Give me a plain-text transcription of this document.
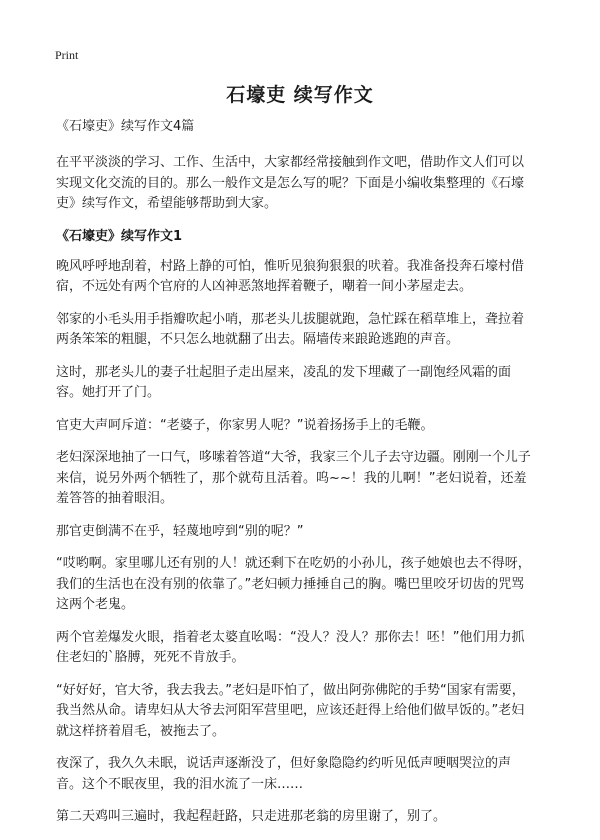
Print
石壕吏 续写作文
《石壕吏》续写作文4篇

在平平淡淡的学习、工作、生活中，大家都经常接触到作文吧，借助作文人们可以实现文化交流的目的。那么一般作文是怎么写的呢？下面是小编收集整理的《石壕吏》续写作文，希望能够帮助到大家。

《石壕吏》续写作文1

晚风呼呼地刮着，村路上静的可怕，惟听见狼狗狠狠的吠着。我准备投奔石壕村借宿，不远处有两个官府的人凶神恶煞地挥着鞭子，嘲着一间小茅屋走去。

邻家的小毛头用手指瓣吹起小哨，那老头儿拔腿就跑，急忙踩在稻草堆上，聋拉着两条笨笨的粗腿，不只怎么地就翻了出去。隔墙传来踉跄逃跑的声音。

这时，那老头儿的妻子壮起胆子走出屋来，凌乱的发下埋藏了一副饱经风霜的面容。她打开了门。

官吏大声呵斥道：“老婆子，你家男人呢？”说着扬扬手上的毛鞭。

老妇深深地抽了一口气，哆嗦着答道“大爷，我家三个儿子去守边疆。刚刚一个儿子来信，说另外两个牺牲了，那个就苟且活着。呜~~！我的儿啊！”老妇说着，还羞羞答答的抽着眼泪。

那官吏倒满不在乎，轻蔑地哼到“别的呢？”

“哎哟啊。家里哪儿还有别的人！就还剩下在吃奶的小孙儿，孩子她娘也去不得呀，我们的生活也在没有别的依靠了。”老妇顿力捶捶自己的胸。嘴巴里咬牙切齿的咒骂这两个老鬼。

两个官差爆发火眼，指着老太婆直吆喝：“没人？没人？那你去！呸！”他们用力抓住老妇的`胳膊，死死不肯放手。

“好好好，官大爷，我去我去。”老妇是吓怕了，做出阿弥佛陀的手势“国家有需要，我当然从命。请卑妇从大爷去河阳军营里吧，应该还赶得上给他们做早饭的。”老妇就这样挤着眉毛，被拖去了。

夜深了，我久久未眠，说话声逐渐没了，但好象隐隐约约听见低声哽咽哭泣的声音。这个不眠夜里，我的泪水流了一床……

第二天鸡叫三遍时，我起程赶路，只走进那老翁的房里谢了，别了。
